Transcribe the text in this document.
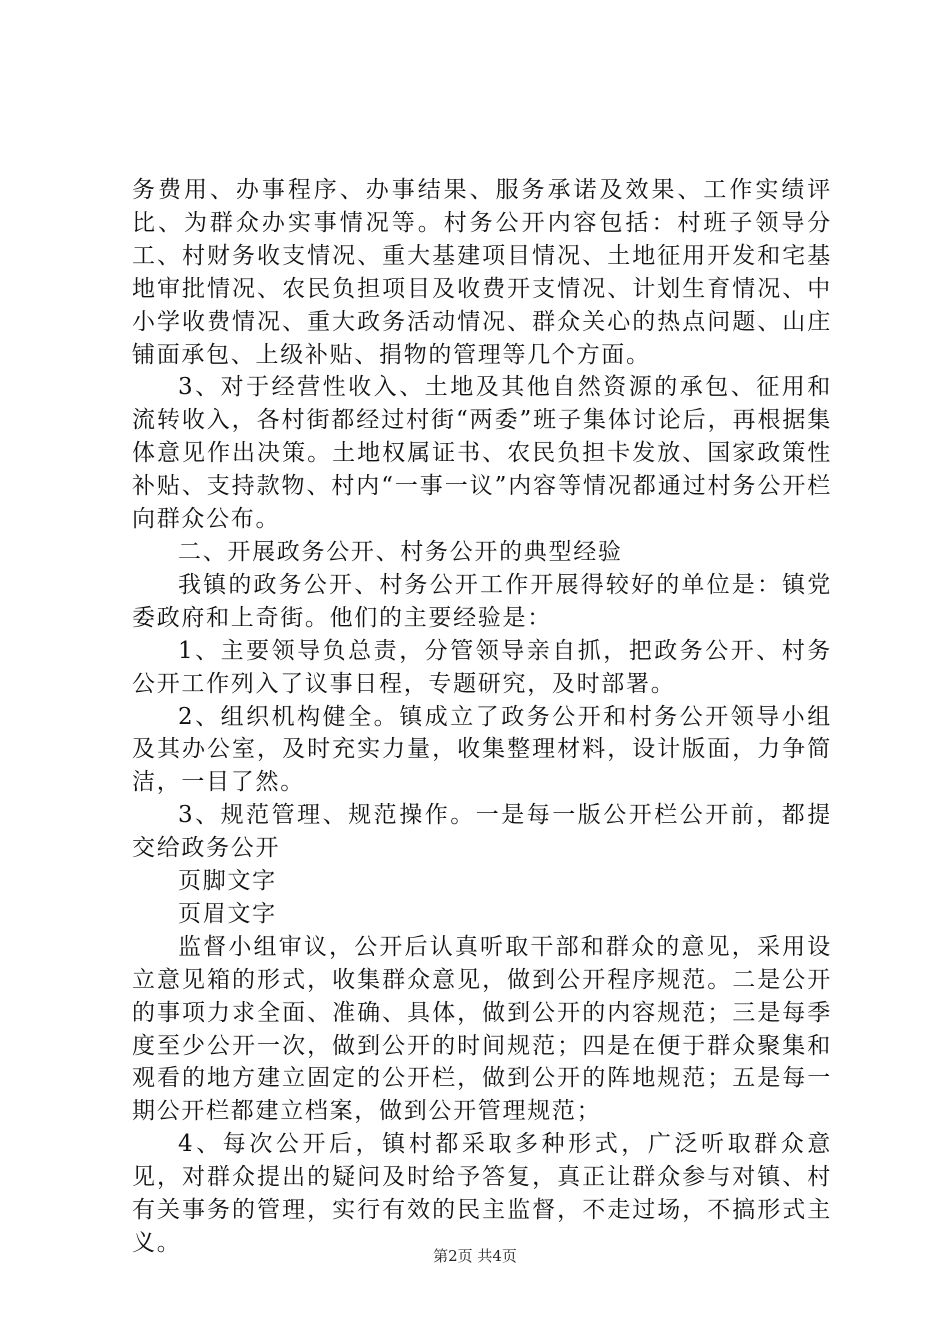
务费用、办事程序、办事结果、服务承诺及效果、工作实绩评比、为群众办实事情况等。村务公开内容包括：村班子领导分工、村财务收支情况、重大基建项目情况、土地征用开发和宅基地审批情况、农民负担项目及收费开支情况、计划生育情况、中小学收费情况、重大政务活动情况、群众关心的热点问题、山庄铺面承包、上级补贴、捐物的管理等几个方面。

3、对于经营性收入、土地及其他自然资源的承包、征用和流转收入，各村街都经过村街“两委”班子集体讨论后，再根据集体意见作出决策。土地权属证书、农民负担卡发放、国家政策性补贴、支持款物、村内“一事一议”内容等情况都通过村务公开栏向群众公布。

二、开展政务公开、村务公开的典型经验

我镇的政务公开、村务公开工作开展得较好的单位是：镇党委政府和上奇街。他们的主要经验是：

1、主要领导负总责，分管领导亲自抓，把政务公开、村务公开工作列入了议事日程，专题研究，及时部署。

2、组织机构健全。镇成立了政务公开和村务公开领导小组及其办公室，及时充实力量，收集整理材料，设计版面，力争简洁，一目了然。

3、规范管理、规范操作。一是每一版公开栏公开前，都提交给政务公开

页脚文字

页眉文字

监督小组审议，公开后认真听取干部和群众的意见，采用设立意见箱的形式，收集群众意见，做到公开程序规范。二是公开的事项力求全面、准确、具体，做到公开的内容规范；三是每季度至少公开一次，做到公开的时间规范；四是在便于群众聚集和观看的地方建立固定的公开栏，做到公开的阵地规范；五是每一期公开栏都建立档案，做到公开管理规范；

4、每次公开后，镇村都采取多种形式，广泛听取群众意见，对群众提出的疑问及时给予答复，真正让群众参与对镇、村有关事务的管理，实行有效的民主监督，不走过场，不搞形式主义。	第2页 共4页
